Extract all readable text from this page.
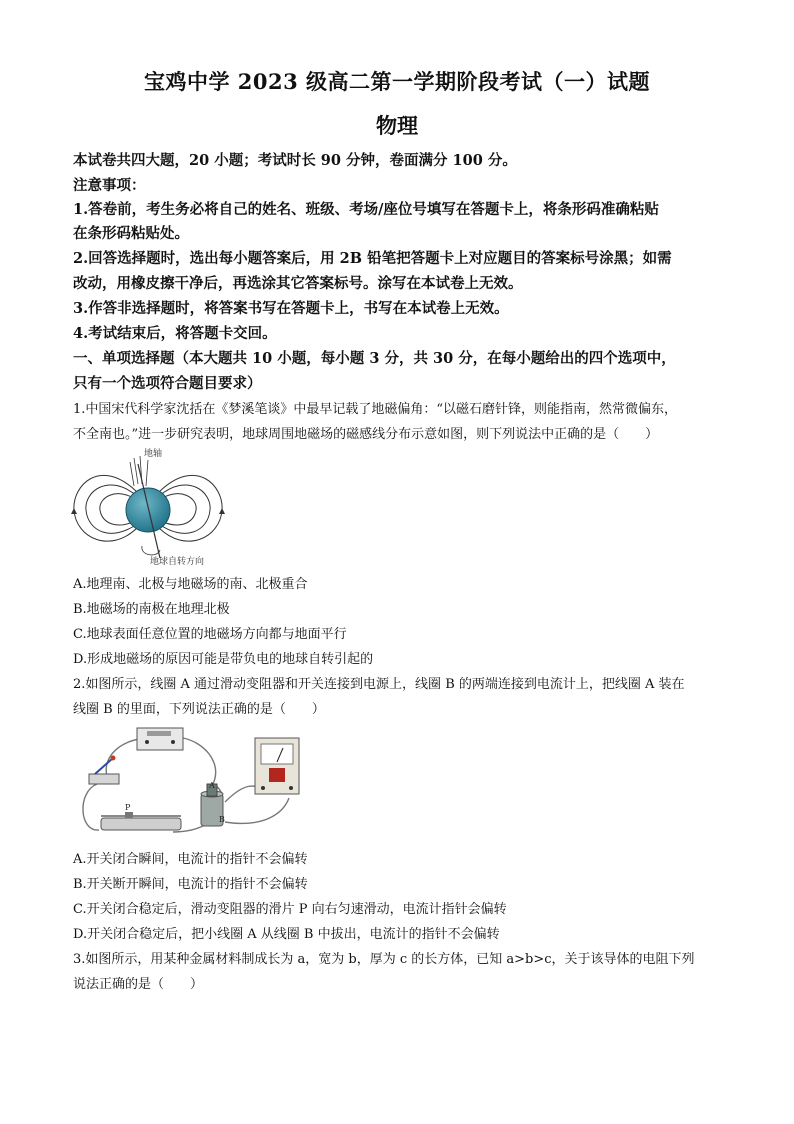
宝鸡中学 2023 级高二第一学期阶段考试（一）试题
物理
本试卷共四大题，20 小题；考试时长 90 分钟，卷面满分 100 分。
注意事项：
1.答卷前，考生务必将自己的姓名、班级、考场/座位号填写在答题卡上，将条形码准确粘贴
在条形码粘贴处。
2.回答选择题时，选出每小题答案后，用 2B 铅笔把答题卡上对应题目的答案标号涂黑；如需
改动，用橡皮擦干净后，再选涂其它答案标号。涂写在本试卷上无效。
3.作答非选择题时，将答案书写在答题卡上，书写在本试卷上无效。
4.考试结束后，将答题卡交回。
一、单项选择题（本大题共 10 小题，每小题 3 分，共 30 分，在每小题给出的四个选项中，
只有一个选项符合题目要求）
1.中国宋代科学家沈括在《梦溪笔谈》中最早记载了地磁偏角：“以磁石磨针锋，则能指南，然常微偏东，
不全南也。”进一步研究表明，地球周围地磁场的磁感线分布示意如图，则下列说法中正确的是（　　）
地轴
地球自转方向
A.地理南、北极与地磁场的南、北极重合
B.地磁场的南极在地理北极
C.地球表面任意位置的地磁场方向都与地面平行
D.形成地磁场的原因可能是带负电的地球自转引起的
2.如图所示，线圈 A 通过滑动变阻器和开关连接到电源上，线圈 B 的两端连接到电流计上，把线圈 A 装在
线圈 B 的里面，下列说法正确的是（　　）
P
A
B
A.开关闭合瞬间，电流计的指针不会偏转
B.开关断开瞬间，电流计的指针不会偏转
C.开关闭合稳定后，滑动变阻器的滑片 P 向右匀速滑动，电流计指针会偏转
D.开关闭合稳定后，把小线圈 A 从线圈 B 中拔出，电流计的指针不会偏转
3.如图所示，用某种金属材料制成长为 a，宽为 b，厚为 c 的长方体，已知 a>b>c，关于该导体的电阻下列
说法正确的是（　　）
